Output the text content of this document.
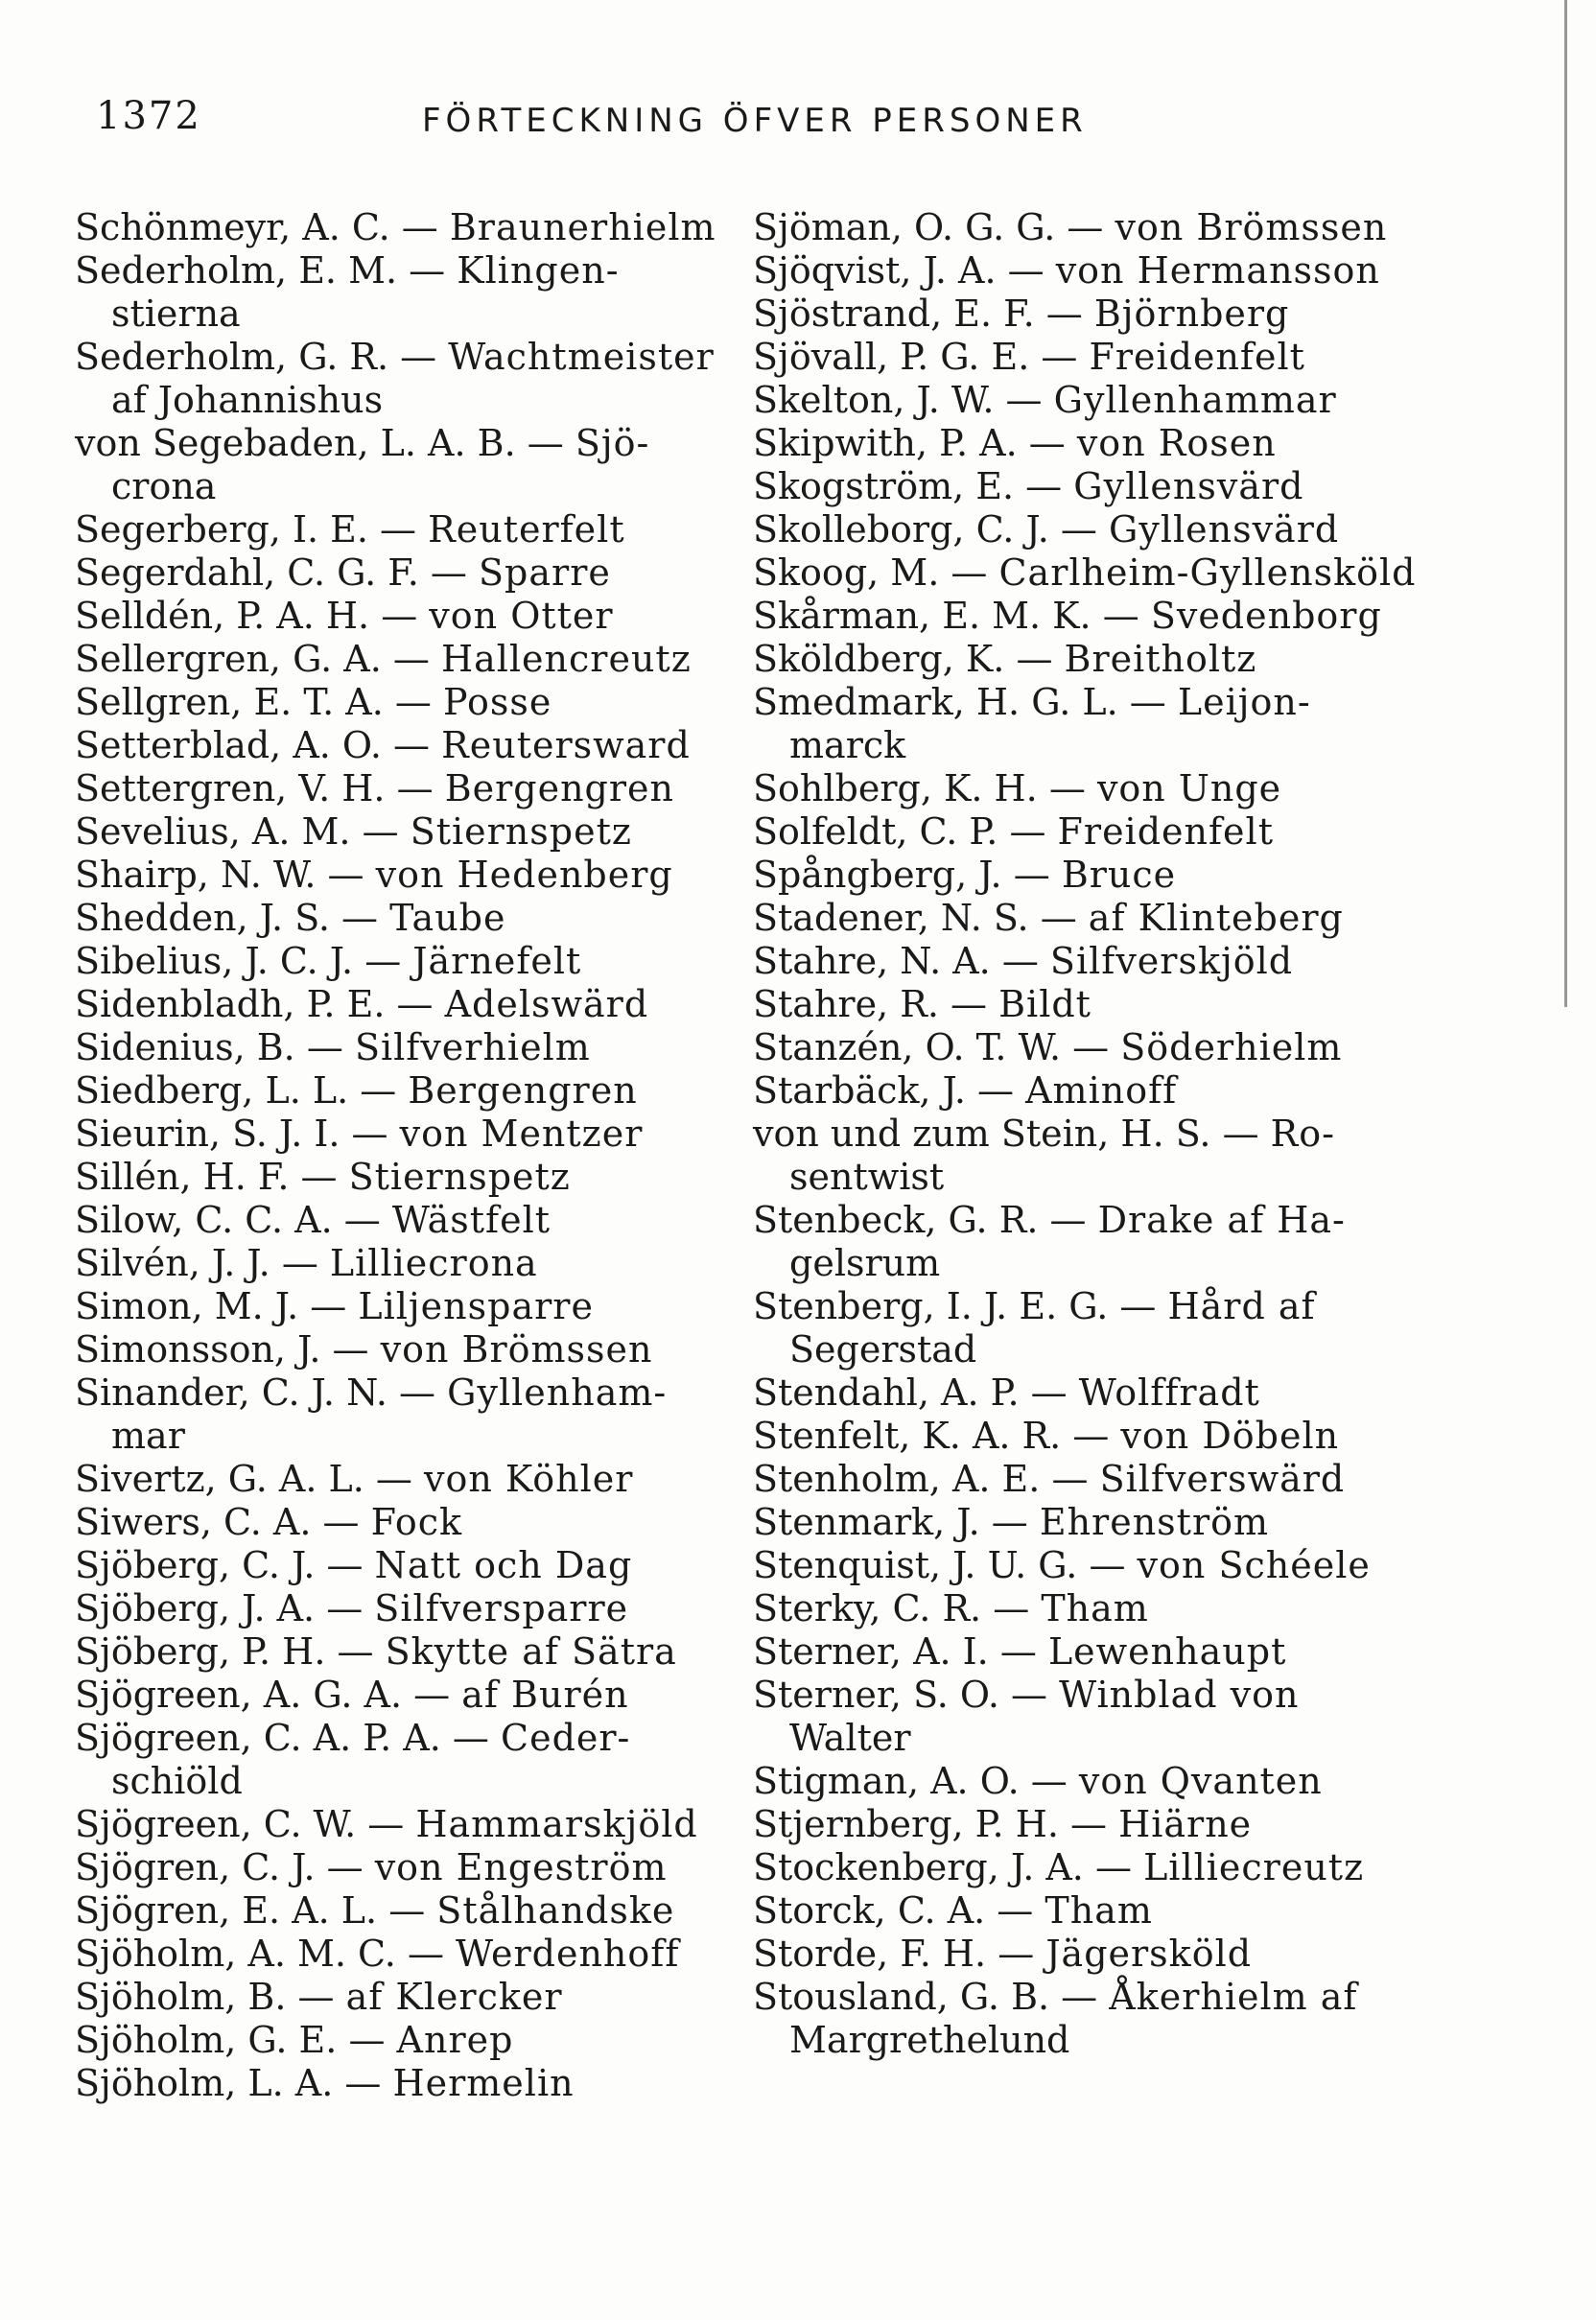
1372	FÖRTECKNING ÖFVER PERSONER
Schönmeyr, A. C. — Braunerhielm
Sederholm, E. M. — Klingen-
stierna
Sederholm, G. R. — Wachtmeister
af Johannishus
von Segebaden, L. A. B. — Sjö-
crona
Segerberg, I. E. — Reuterfelt
Segerdahl, C. G. F. — Sparre
Selldén, P. A. H. — von Otter
Sellergren, G. A. — Hallencreutz
Sellgren, E. T. A. — Posse
Setterblad, A. O. — Reutersward
Settergren, V. H. — Bergengren
Sevelius, A. M. — Stiernspetz
Shairp, N. W. — von Hedenberg
Shedden, J. S. — Taube
Sibelius, J. C. J. — Järnefelt
Sidenbladh, P. E. — Adelswärd
Sidenius, B. — Silfverhielm
Siedberg, L. L. — Bergengren
Sieurin, S. J. I. — von Mentzer
Sillén, H. F. — Stiernspetz
Silow, C. C. A. — Wästfelt
Silvén, J. J. — Lilliecrona
Simon, M. J. — Liljensparre
Simonsson, J. — von Brömssen
Sinander, C. J. N. — Gyllenham-
mar
Sivertz, G. A. L. — von Köhler
Siwers, C. A. — Fock
Sjöberg, C. J. — Natt och Dag
Sjöberg, J. A. — Silfversparre
Sjöberg, P. H. — Skytte af Sätra
Sjögreen, A. G. A. — af Burén
Sjögreen, C. A. P. A. — Ceder-
schiöld
Sjögreen, C. W. — Hammarskjöld
Sjögren, C. J. — von Engeström
Sjögren, E. A. L. — Stålhandske
Sjöholm, A. M. C. — Werdenhoff
Sjöholm, B. — af Klercker
Sjöholm, G. E. — Anrep
Sjöholm, L. A. — Hermelin
Sjöman, O. G. G. — von Brömssen
Sjöqvist, J. A. — von Hermansson
Sjöstrand, E. F. — Björnberg
Sjövall, P. G. E. — Freidenfelt
Skelton, J. W. — Gyllenhammar
Skipwith, P. A. — von Rosen
Skogström, E. — Gyllensvärd
Skolleborg, C. J. — Gyllensvärd
Skoog, M. — Carlheim-Gyllensköld
Skårman, E. M. K. — Svedenborg
Sköldberg, K. — Breitholtz
Smedmark, H. G. L. — Leijon-
marck
Sohlberg, K. H. — von Unge
Solfeldt, C. P. — Freidenfelt
Spångberg, J. — Bruce
Stadener, N. S. — af Klinteberg
Stahre, N. A. — Silfverskjöld
Stahre, R. — Bildt
Stanzén, O. T. W. — Söderhielm
Starbäck, J. — Aminoff
von und zum Stein, H. S. — Ro-
sentwist
Stenbeck, G. R. — Drake af Ha-
gelsrum
Stenberg, I. J. E. G. — Hård af
Segerstad
Stendahl, A. P. — Wolffradt
Stenfelt, K. A. R. — von Döbeln
Stenholm, A. E. — Silfverswärd
Stenmark, J. — Ehrenström
Stenquist, J. U. G. — von Schéele
Sterky, C. R. — Tham
Sterner, A. I. — Lewenhaupt
Sterner, S. O. — Winblad von
Walter
Stigman, A. O. — von Qvanten
Stjernberg, P. H. — Hiärne
Stockenberg, J. A. — Lilliecreutz
Storck, C. A. — Tham
Storde, F. H. — Jägersköld
Stousland, G. B. — Åkerhielm af
Margrethelund
